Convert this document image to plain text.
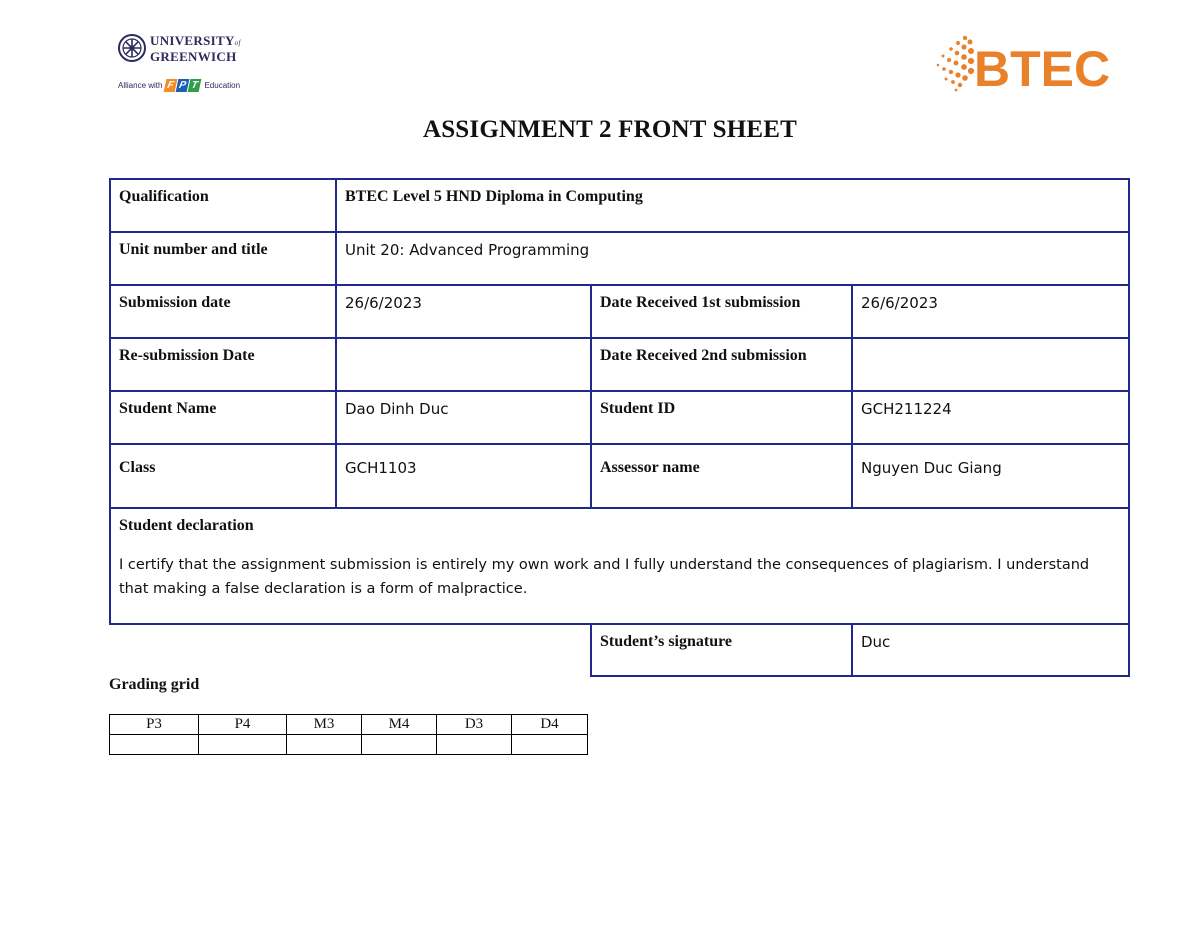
UNIVERSITYof
GREENWICH
Alliance with F P T Education	BTEC
ASSIGNMENT 2 FRONT SHEET
Qualification	BTEC Level 5 HND Diploma in Computing		
Unit number and title	Unit 20: Advanced Programming		
Submission date	26/6/2023	Date Received 1st submission	26/6/2023
Re-submission Date		Date Received 2nd submission	
Student Name	Dao Dinh Duc	Student ID	GCH211224
Class	GCH1103	Assessor name	Nguyen Duc Giang

Student declaration
I certify that the assignment submission is entirely my own work and I fully understand the consequences of plagiarism. I understand that making a false declaration is a form of malpractice.			

		Student’s signature	Duc
Grading grid
P3	P4	M3	M4	D3	D4
